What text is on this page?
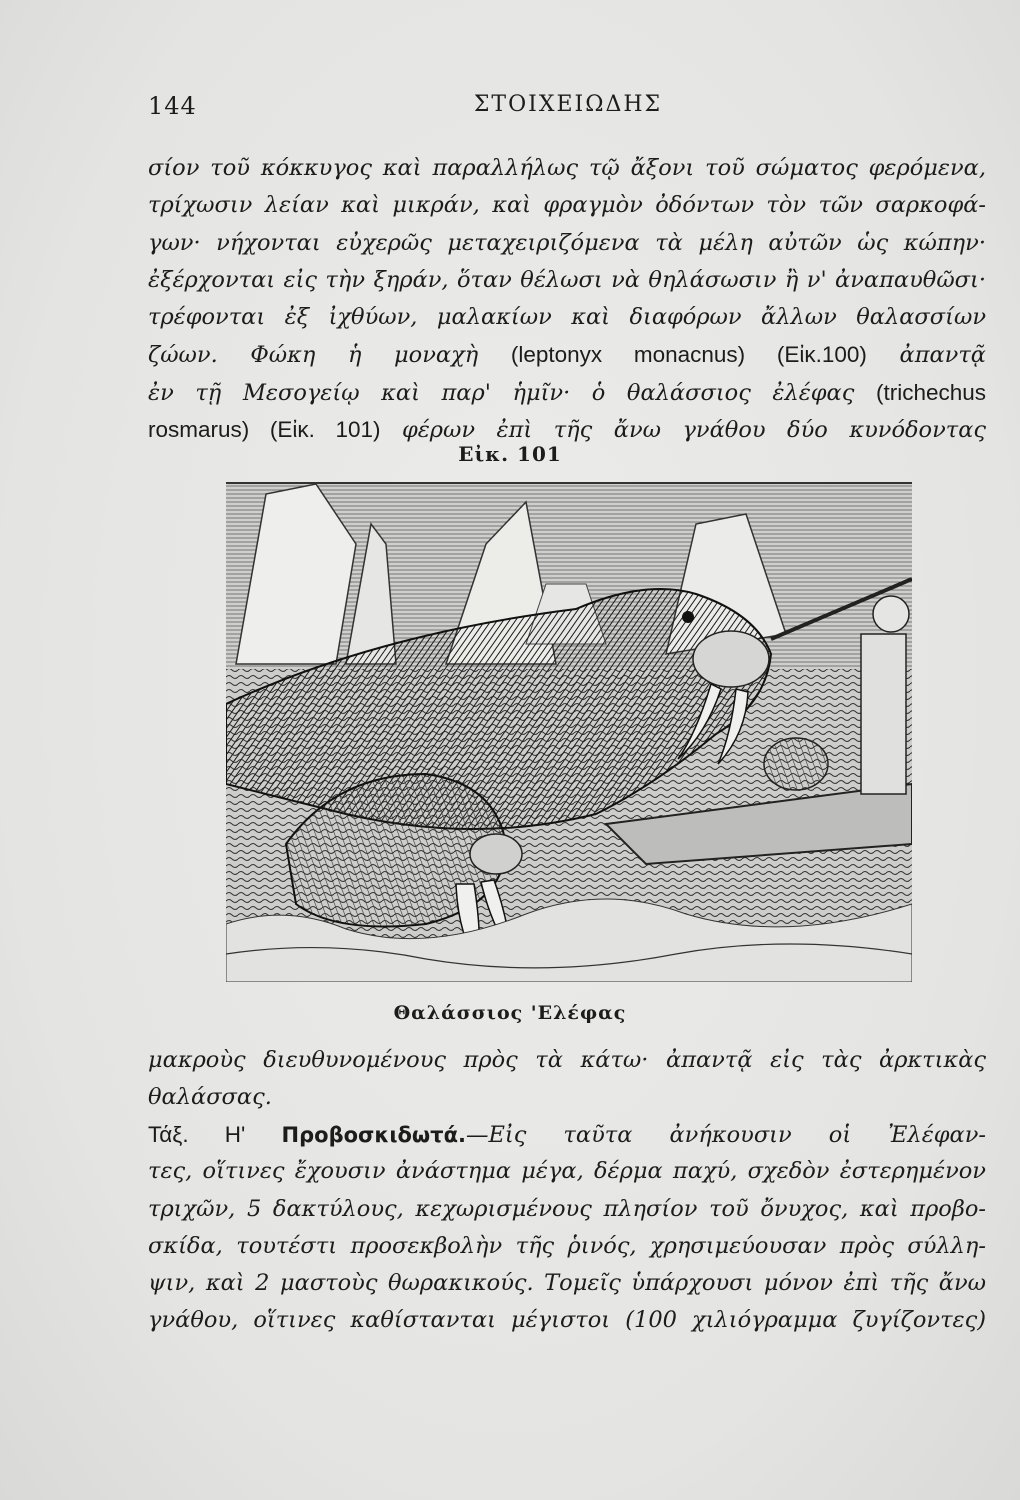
144	ΣΤΟΙΧΕΙΩΔΗΣ
σίον τοῦ κόκκυγος καὶ παραλλήλως τῷ ἄξονι τοῦ σώματος φερόμενα,
τρίχωσιν λείαν καὶ μικράν, καὶ φραγμὸν ὀδόντων τὸν τῶν σαρκοφά-
γων· νήχονται εὐχερῶς μεταχειριζόμενα τὰ μέλη αὐτῶν ὡς κώπην·
ἐξέρχονται εἰς τὴν ξηράν, ὅταν θέλωσι νὰ θηλάσωσιν ἢ ν' ἀναπαυθῶσι·
τρέφονται ἐξ ἰχθύων, μαλακίων καὶ διαφόρων ἄλλων θαλασσίων
ζώων. Φώκη ἡ μοναχὴ (leptonyx monacnus) (Εἰκ.100) ἀπαντᾷ
ἐν τῇ Μεσογείῳ καὶ παρ' ἡμῖν· ὁ θαλάσσιος ἐλέφας (trichechus
rosmarus) (Εἰκ. 101) φέρων ἐπὶ τῆς ἄνω γνάθου δύο κυνόδοντας
Εἰκ. 101
Θαλάσσιος 'Ελέφας
μακροὺς διευθυνομένους πρὸς τὰ κάτω· ἀπαντᾷ εἰς τὰς ἀρκτικὰς
θαλάσσας.
Τάξ. Η' Προβοσκιδωτά.—Εἰς ταῦτα ἀνήκουσιν οἱ Ἐλέφαν-
τες, οἵτινες ἔχουσιν ἀνάστημα μέγα, δέρμα παχύ, σχεδὸν ἐστερημένον
τριχῶν, 5 δακτύλους, κεχωρισμένους πλησίον τοῦ ὄνυχος, καὶ προβο-
σκίδα, τουτέστι προσεκβολὴν τῆς ῥινός, χρησιμεύουσαν πρὸς σύλλη-
ψιν, καὶ 2 μαστοὺς θωρακικούς. Τομεῖς ὑπάρχουσι μόνον ἐπὶ τῆς ἄνω
γνάθου, οἵτινες καθίστανται μέγιστοι (100 χιλιόγραμμα ζυγίζοντες)
